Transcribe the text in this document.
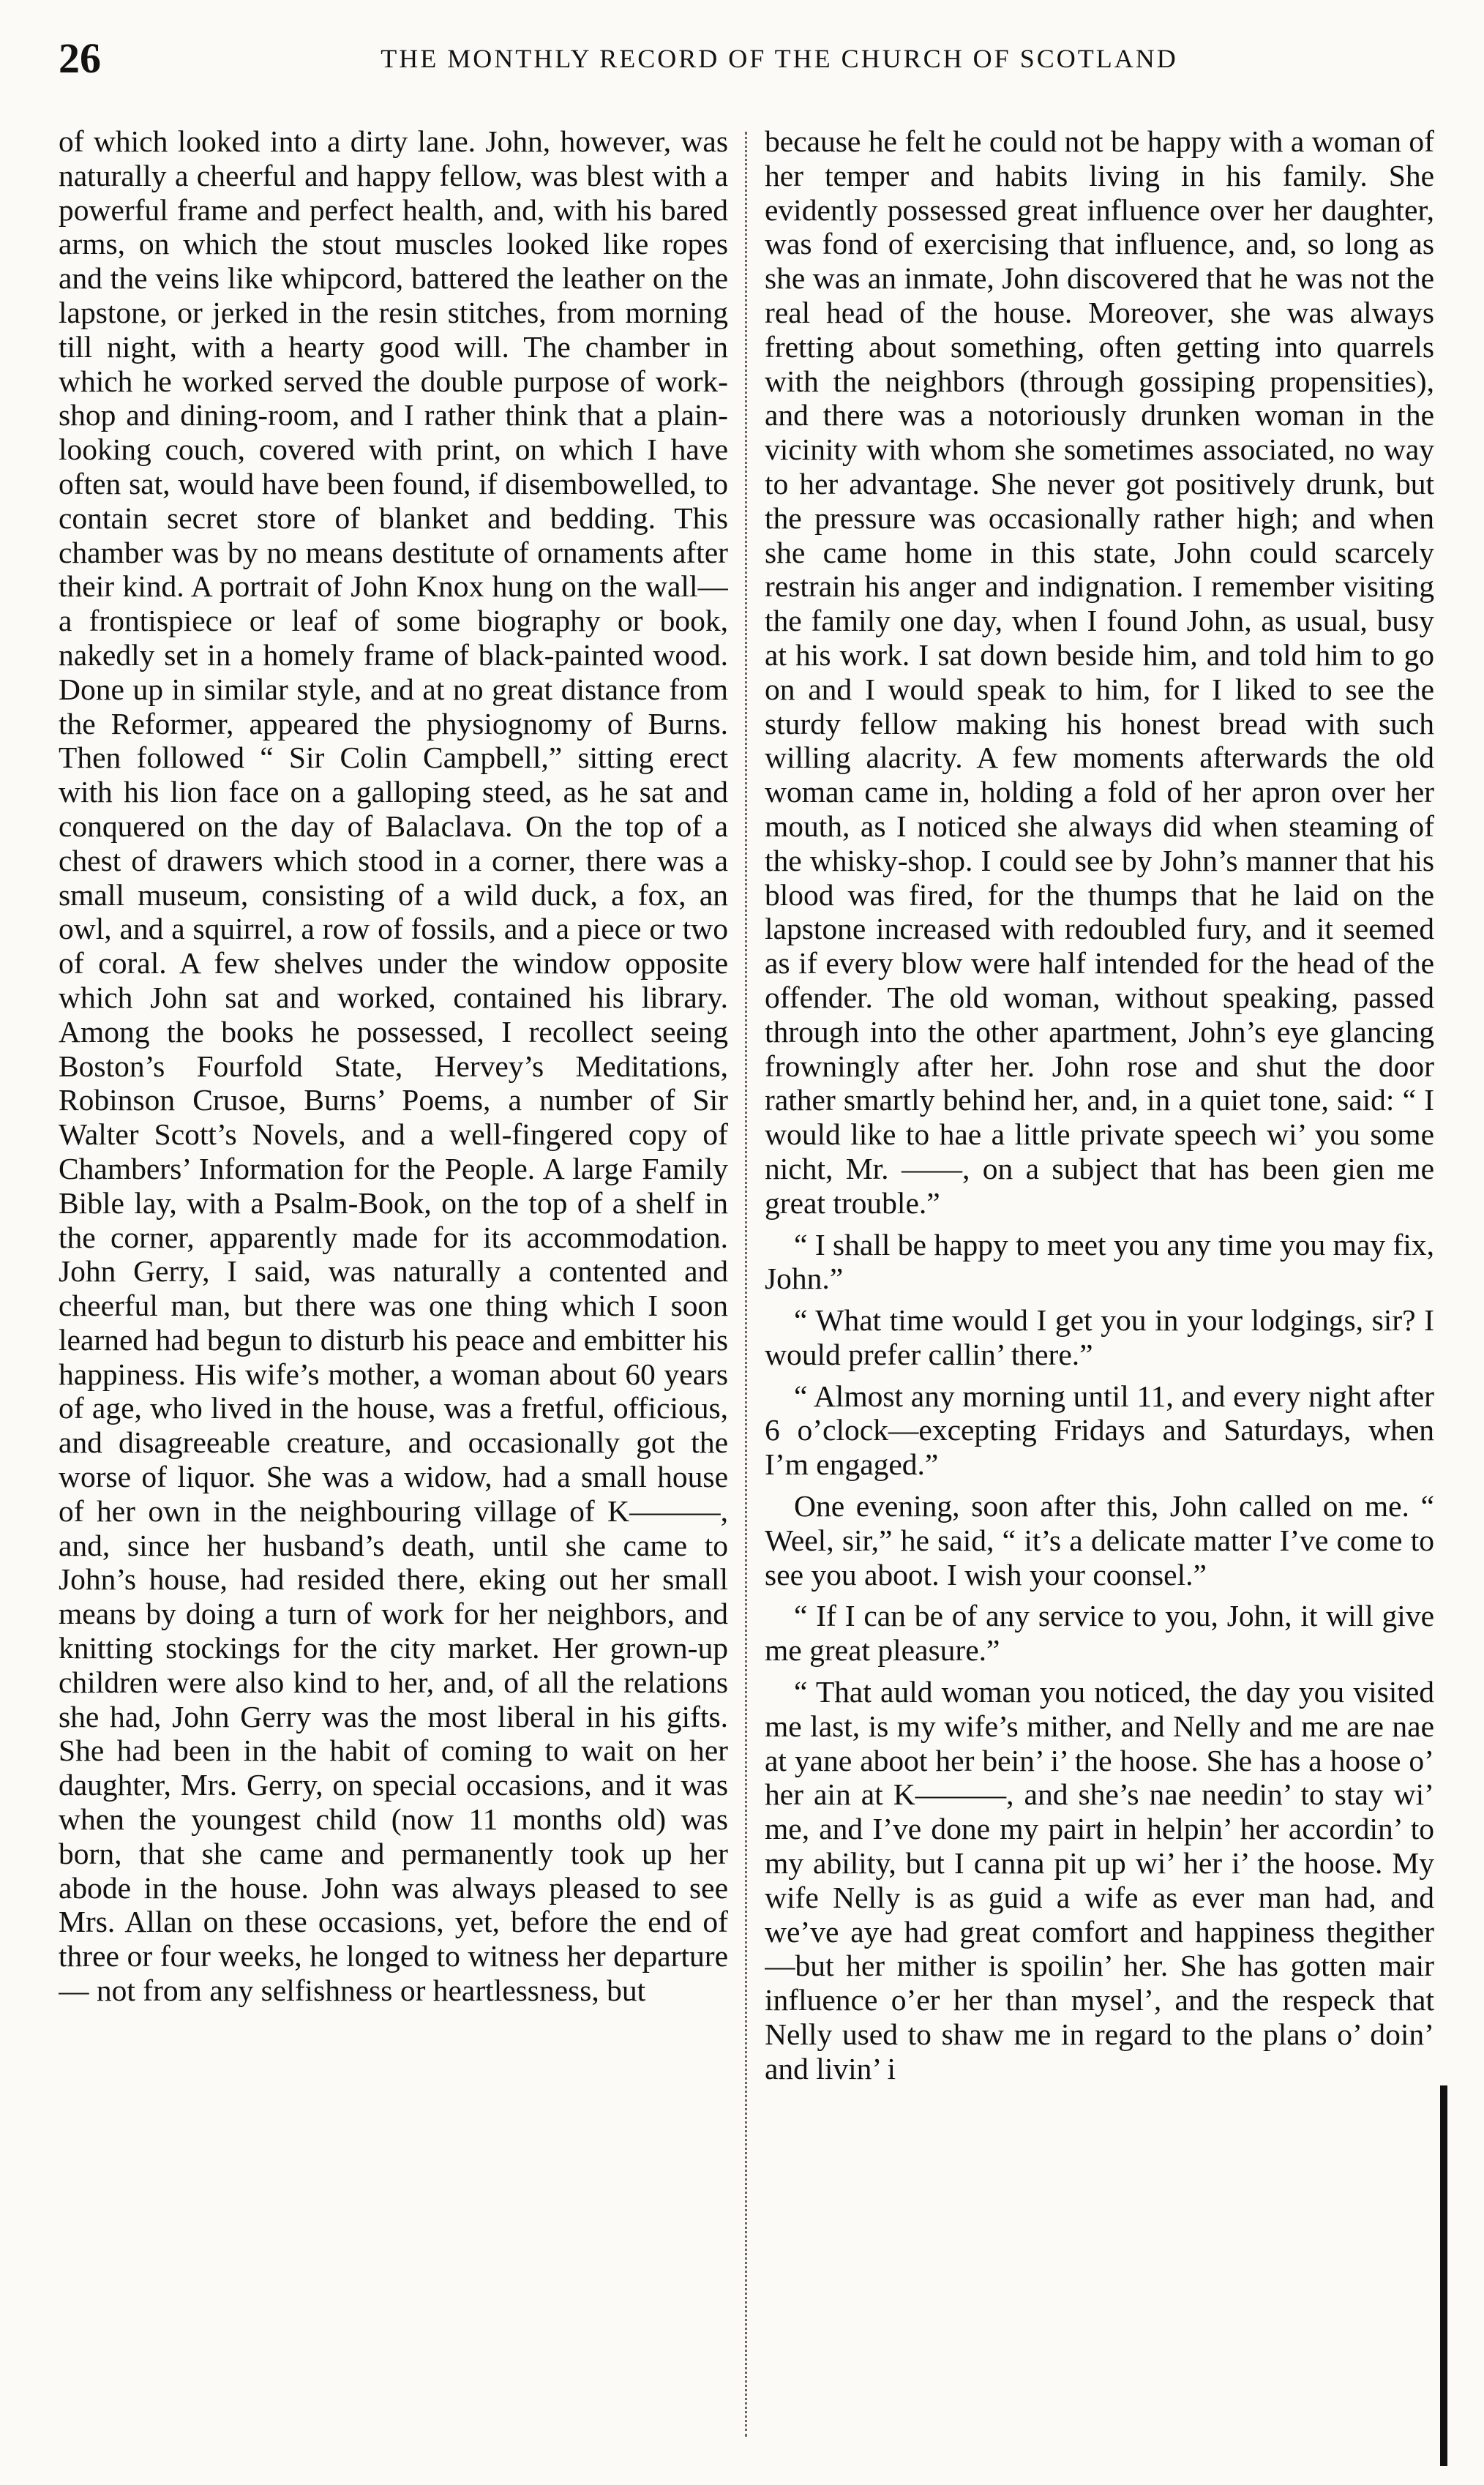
26	THE MONTHLY RECORD OF THE CHURCH OF SCOTLAND

of which looked into a dirty lane. John, however, was naturally a cheerful and happy fellow, was blest with a powerful frame and perfect health, and, with his bared arms, on which the stout muscles looked like ropes and the veins like whipcord, battered the leather on the lapstone, or jerked in the resin stitches, from morning till night, with a hearty good will. The chamber in which he worked served the double purpose of work-shop and dining-room, and I rather think that a plain-looking couch, covered with print, on which I have often sat, would have been found, if disembowelled, to contain secret store of blanket and bedding. This chamber was by no means destitute of ornaments after their kind. A portrait of John Knox hung on the wall—a frontispiece or leaf of some biography or book, nakedly set in a homely frame of black-painted wood. Done up in similar style, and at no great distance from the Reformer, appeared the physiognomy of Burns. Then followed “ Sir Colin Campbell,” sitting erect with his lion face on a galloping steed, as he sat and conquered on the day of Balaclava. On the top of a chest of drawers which stood in a corner, there was a small museum, consisting of a wild duck, a fox, an owl, and a squirrel, a row of fossils, and a piece or two of coral. A few shelves under the window opposite which John sat and worked, contained his library. Among the books he possessed, I recollect seeing Boston’s Fourfold State, Hervey’s Meditations, Robinson Crusoe, Burns’ Poems, a number of Sir Walter Scott’s Novels, and a well-fingered copy of Chambers’ Information for the People. A large Family Bible lay, with a Psalm-Book, on the top of a shelf in the corner, apparently made for its accommodation. John Gerry, I said, was naturally a contented and cheerful man, but there was one thing which I soon learned had begun to disturb his peace and embitter his happiness. His wife’s mother, a woman about 60 years of age, who lived in the house, was a fretful, officious, and disagreeable creature, and occasionally got the worse of liquor. She was a widow, had a small house of her own in the neighbouring village of K———, and, since her husband’s death, until she came to John’s house, had resided there, eking out her small means by doing a turn of work for her neighbors, and knitting stockings for the city market. Her grown-up children were also kind to her, and, of all the relations she had, John Gerry was the most liberal in his gifts. She had been in the habit of coming to wait on her daughter, Mrs. Gerry, on special occasions, and it was when the youngest child (now 11 months old) was born, that she came and permanently took up her abode in the house. John was always pleased to see Mrs. Allan on these occasions, yet, before the end of three or four weeks, he longed to witness her departure — not from any selfishness or heartlessness, but

because he felt he could not be happy with a woman of her temper and habits living in his family. She evidently possessed great influence over her daughter, was fond of exercising that influence, and, so long as she was an inmate, John discovered that he was not the real head of the house. Moreover, she was always fretting about something, often getting into quarrels with the neighbors (through gossiping propensities), and there was a notoriously drunken woman in the vicinity with whom she sometimes associated, no way to her advantage. She never got positively drunk, but the pressure was occasionally rather high; and when she came home in this state, John could scarcely restrain his anger and indignation. I remember visiting the family one day, when I found John, as usual, busy at his work. I sat down beside him, and told him to go on and I would speak to him, for I liked to see the sturdy fellow making his honest bread with such willing alacrity. A few moments afterwards the old woman came in, holding a fold of her apron over her mouth, as I noticed she always did when steaming of the whisky-shop. I could see by John’s manner that his blood was fired, for the thumps that he laid on the lapstone increased with redoubled fury, and it seemed as if every blow were half intended for the head of the offender. The old woman, without speaking, passed through into the other apartment, John’s eye glancing frowningly after her. John rose and shut the door rather smartly behind her, and, in a quiet tone, said: “ I would like to hae a little private speech wi’ you some nicht, Mr. ——, on a subject that has been gien me great trouble.”

“ I shall be happy to meet you any time you may fix, John.”

“ What time would I get you in your lodgings, sir? I would prefer callin’ there.”

“ Almost any morning until 11, and every night after 6 o’clock—excepting Fridays and Saturdays, when I’m engaged.”

One evening, soon after this, John called on me. “ Weel, sir,” he said, “ it’s a delicate matter I’ve come to see you aboot. I wish your coonsel.”

“ If I can be of any service to you, John, it will give me great pleasure.”

“ That auld woman you noticed, the day you visited me last, is my wife’s mither, and Nelly and me are nae at yane aboot her bein’ i’ the hoose. She has a hoose o’ her ain at K———, and she’s nae needin’ to stay wi’ me, and I’ve done my pairt in helpin’ her accordin’ to my ability, but I canna pit up wi’ her i’ the hoose. My wife Nelly is as guid a wife as ever man had, and we’ve aye had great comfort and happiness thegither—but her mither is spoilin’ her. She has gotten mair influence o’er her than mysel’, and the respeck that Nelly used to shaw me in regard to the plans o’ doin’ and livin’ i
